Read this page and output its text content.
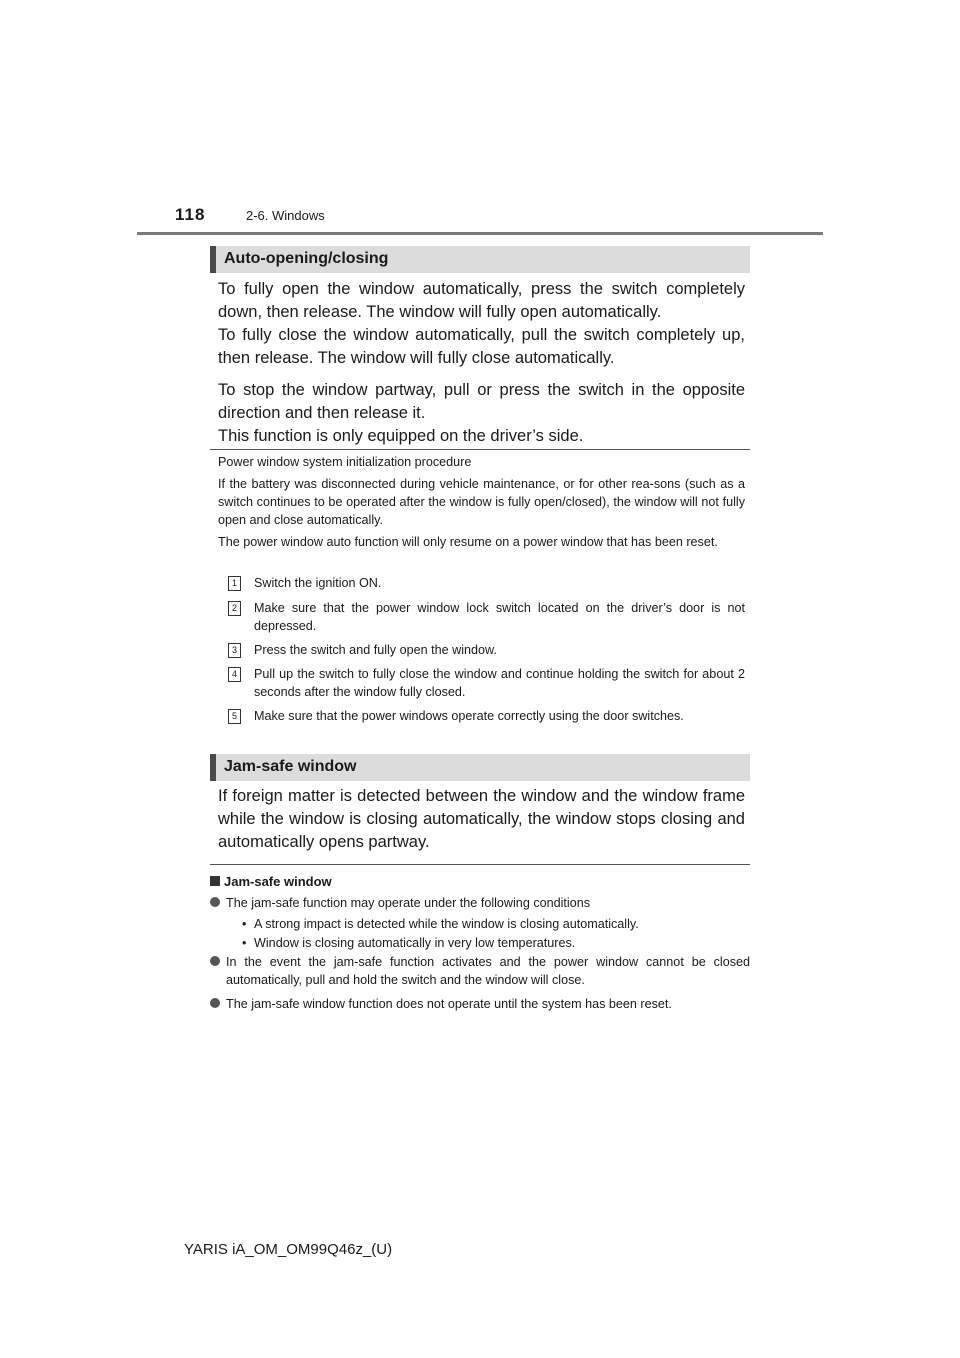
118	2-6. Windows
Auto-opening/closing

To fully open the window automatically, press the switch completely down, then release. The window will fully open automatically.

To fully close the window automatically, pull the switch completely up, then release. The window will fully close automatically.

To stop the window partway, pull or press the switch in the opposite direction and then release it.

This function is only equipped on the driver’s side.

Power window system initialization procedure

If the battery was disconnected during vehicle maintenance, or for other rea-sons (such as a switch continues to be operated after the window is fully open/closed), the window will not fully open and close automatically.

The power window auto function will only resume on a power window that has been reset.

1	Switch the ignition ON.
2	Make sure that the power window lock switch located on the driver’s door is not depressed.
3	Press the switch and fully open the window.
4	Pull up the switch to fully close the window and continue holding the switch for about 2 seconds after the window fully closed.
5	Make sure that the power windows operate correctly using the door switches.
Jam-safe window

If foreign matter is detected between the window and the window frame while the window is closing automatically, the window stops closing and automatically opens partway.

Jam-safe window
The jam-safe function may operate under the following conditions
• A strong impact is detected while the window is closing automatically.
• Window is closing automatically in very low temperatures.
In the event the jam-safe function activates and the power window cannot be closed automatically, pull and hold the switch and the window will close.
The jam-safe window function does not operate until the system has been reset.
YARIS iA_OM_OM99Q46z_(U)
